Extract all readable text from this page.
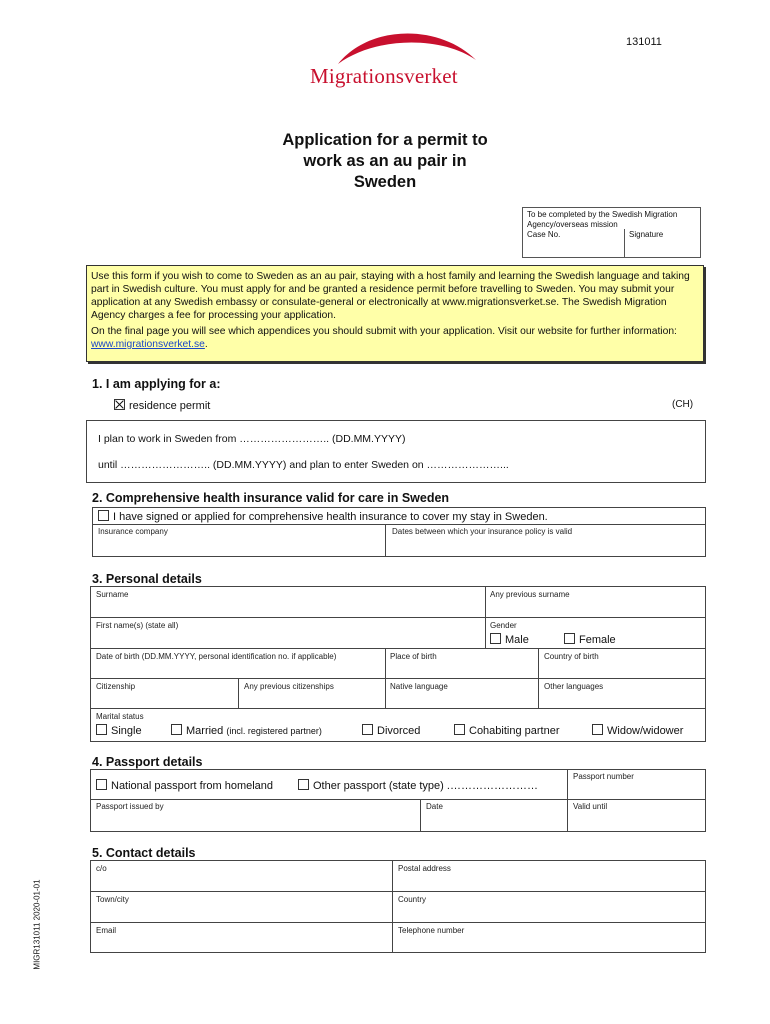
131011
Migrationsverket
Application for a permit to
work as an au pair in
Sweden
To be completed by the Swedish Migration Agency/overseas mission
Case No.	Signature

Use this form if you wish to come to Sweden as an au pair, staying with a host family and learning the Swedish language and taking part in Swedish culture. You must apply for and be granted a residence permit before travelling to Sweden. You may submit your application at any Swedish embassy or consulate-general or electronically at www.migrationsverket.se. The Swedish Migration Agency charges a fee for processing your application.

On the final page you will see which appendices you should submit with your application. Visit our website for further information: www.migrationsverket.se.

1. I am applying for a:
residence permit	(CH)
I plan to work in Sweden from …………………….. (DD.MM.YYYY)
until …………………….. (DD.MM.YYYY) and plan to enter Sweden on …………………...
2. Comprehensive health insurance valid for care in Sweden
I have signed or applied for comprehensive health insurance to cover my stay in Sweden.
Insurance company	Dates between which your insurance policy is valid
3. Personal details
Surname	Any previous surname
First name(s) (state all)	Gender
Male	Female
Date of birth (DD.MM.YYYY, personal identification no. if applicable)	Place of birth	Country of birth
Citizenship	Any previous citizenships	Native language	Other languages
Marital status
Single	Married (incl. registered partner)	Divorced	Cohabiting partner	Widow/widower
4. Passport details
National passport from homeland	Other passport (state type) .……………………
Passport number
Passport issued by	Date	Valid until
5. Contact details
c/o	Postal address
Town/city	Country
Email	Telephone number
MIGR131011 2020-01-01
